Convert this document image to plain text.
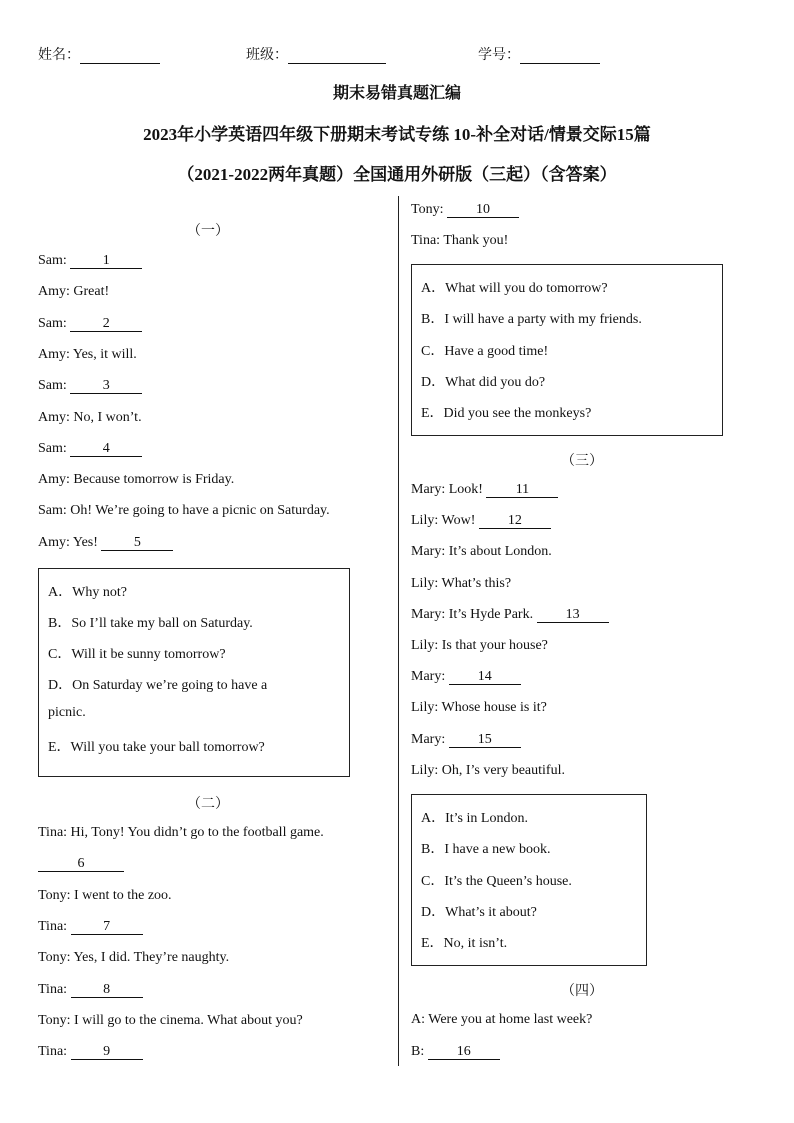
姓名：	班级：	学号：
期末易错真题汇编
2023年小学英语四年级下册期末考试专练 10-补全对话/情景交际15篇
（2021-2022两年真题）全国通用外研版（三起）（含答案）
（一）
Sam:	1
Amy: Great!
Sam:	2
Amy: Yes, it will.
Sam:	3
Amy: No, I won’t.
Sam:	4
Amy: Because tomorrow is Friday.
Sam: Oh! We’re going to have a picnic on Saturday.
Amy: Yes!	5
A．Why not?
B．So I’ll take my ball on Saturday.
C．Will it be sunny tomorrow?
D．On Saturday we’re going to have a
picnic.
E．Will you take your ball tomorrow?
（二）
Tina: Hi, Tony! You didn’t go to the football game.
6
Tony: I went to the zoo.
Tina:	7
Tony: Yes, I did. They’re naughty.
Tina:	8
Tony: I will go to the cinema. What about you?
Tina:	9
Tony: 10
Tina: Thank you!
A．What will you do tomorrow?
B．I will have a party with my friends.
C．Have a good time!
D．What did you do?
E．Did you see the monkeys?
（三）
Mary: Look! 11
Lily: Wow! 12
Mary: It’s about London.
Lily: What’s this?
Mary: It’s Hyde Park. 13
Lily: Is that your house?
Mary: 14
Lily: Whose house is it?
Mary: 15
Lily: Oh, I’s very beautiful.
A．It’s in London.
B．I have a new book.
C．It’s the Queen’s house.
D．What’s it about?
E．No, it isn’t.
（四）
A: Were you at home last week?
B: 16
